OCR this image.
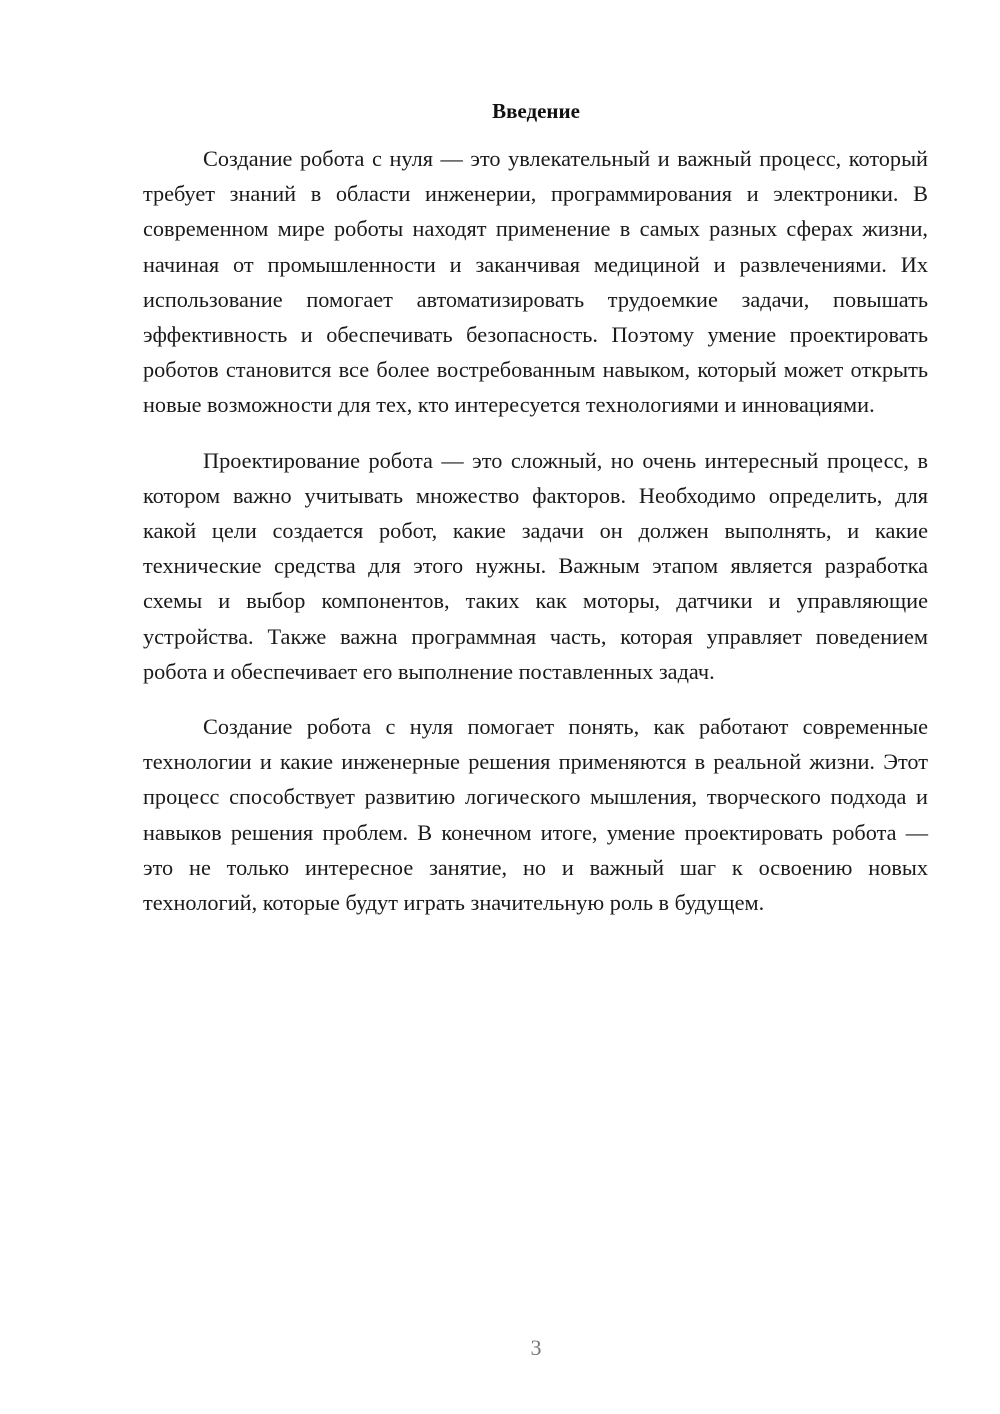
Введение

Создание робота с нуля — это увлекательный и важный процесс, который требует знаний в области инженерии, программирования и электроники. В современном мире роботы находят применение в самых разных сферах жизни, начиная от промышленности и заканчивая медициной и развлечениями. Их использование помогает автоматизировать трудоемкие задачи, повышать эффективность и обеспечивать безопасность. Поэтому умение проектировать роботов становится все более востребованным навыком, который может открыть новые возможности для тех, кто интересуется технологиями и инновациями.

Проектирование робота — это сложный, но очень интересный процесс, в котором важно учитывать множество факторов. Необходимо определить, для какой цели создается робот, какие задачи он должен выполнять, и какие технические средства для этого нужны. Важным этапом является разработка схемы и выбор компонентов, таких как моторы, датчики и управляющие устройства. Также важна программная часть, которая управляет поведением робота и обеспечивает его выполнение поставленных задач.

Создание робота с нуля помогает понять, как работают современные технологии и какие инженерные решения применяются в реальной жизни. Этот процесс способствует развитию логического мышления, творческого подхода и навыков решения проблем. В конечном итоге, умение проектировать робота — это не только интересное занятие, но и важный шаг к освоению новых технологий, которые будут играть значительную роль в будущем.

3
